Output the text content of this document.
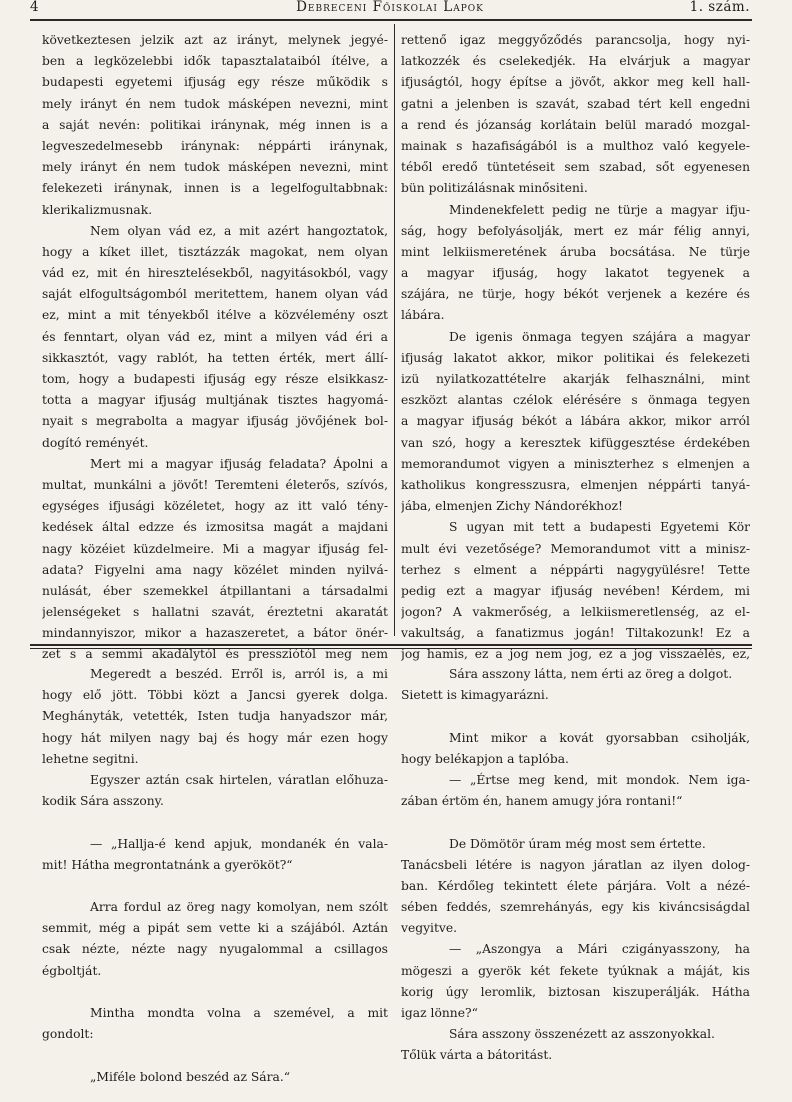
4	Debreceni Főiskolai Lapok	1. szám.
következtesen jelzik azt az irányt, melynek jegyé-
ben a legközelebbi idők tapasztalataiból ítélve, a
budapesti egyetemi ifjuság egy része működik s
mely irányt én nem tudok másképen nevezni, mint
a saját nevén: politikai iránynak, még innen is a
legveszedelmesebb iránynak: néppárti iránynak,
mely irányt én nem tudok másképen nevezni, mint
felekezeti iránynak, innen is a legelfogultabbnak:
klerikalizmusnak.
Nem olyan vád ez, a mit azért hangoztatok,
hogy a kíket illet, tisztázzák magokat, nem olyan
vád ez, mit én hiresztelésekből, nagyitásokból, vagy
saját elfogultságomból meritettem, hanem olyan vád
ez, mint a mit tényekből itélve a közvélemény oszt
és fenntart, olyan vád ez, mint a milyen vád éri a
sikkasztót, vagy rablót, ha tetten érték, mert állí-
tom, hogy a budapesti ifjuság egy része elsikkasz-
totta a magyar ifjuság multjának tisztes hagyomá-
nyait s megrabolta a magyar ifjuság jövőjének bol-
dogító reményét.
Mert mi a magyar ifjuság feladata? Ápolni a
multat, munkálni a jövőt! Teremteni életerős, szívós,
egységes ifjusági közéletet, hogy az itt való tény-
kedések által edzze és izmositsa magát a majdani
nagy közéiet küzdelmeire. Mi a magyar ifjuság fel-
adata? Figyelni ama nagy közélet minden nyilvá-
nulását, éber szemekkel átpillantani a társadalmi
jelenségeket s hallatni szavát, éreztetni akaratát
mindannyiszor, mikor a hazaszeretet, a bátor önér-
zet s a semmi akadálytól és pressziótól meg nem
rettenő igaz meggyőződés parancsolja, hogy nyi-
latkozzék és cselekedjék. Ha elvárjuk a magyar
ifjuságtól, hogy építse a jövőt, akkor meg kell hall-
gatni a jelenben is szavát, szabad tért kell engedni
a rend és józanság korlátain belül maradó mozgal-
mainak s hazafiságából is a multhoz való kegyele-
téből eredő tüntetéseit sem szabad, sőt egyenesen
bün politizálásnak minősiteni.
Mindenekfelett pedig ne türje a magyar ifju-
ság, hogy befolyásolják, mert ez már félig annyi,
mint lelkiismeretének áruba bocsátása. Ne türje
a magyar ifjuság, hogy lakatot tegyenek a
szájára, ne türje, hogy békót verjenek a kezére és
lábára.
De igenis önmaga tegyen szájára a magyar
ifjuság lakatot akkor, mikor politikai és felekezeti
izü nyilatkozattételre akarják felhasználni, mint
eszközt alantas czélok elérésére s önmaga tegyen
a magyar ifjuság békót a lábára akkor, mikor arról
van szó, hogy a keresztek kifüggesztése érdekében
memorandumot vigyen a miniszterhez s elmenjen a
katholikus kongresszusra, elmenjen néppárti tanyá-
jába, elmenjen Zichy Nándorékhoz!
S ugyan mit tett a budapesti Egyetemi Kör
mult évi vezetősége? Memorandumot vitt a minisz-
terhez s elment a néppárti nagygyülésre! Tette
pedig ezt a magyar ifjuság nevében! Kérdem, mi
jogon? A vakmerőség, a lelkiismeretlenség, az el-
vakultság, a fanatizmus jogán! Tiltakozunk! Ez a
jog hamis, ez a jog nem jog, ez a jog visszaélés, ez,
Megeredt a beszéd. Erről is, arról is, a mi
hogy elő jött. Többi közt a Jancsi gyerek dolga.
Meghányták, vetették, Isten tudja hanyadszor már,
hogy hát milyen nagy baj és hogy már ezen hogy
lehetne segitni.
Egyszer aztán csak hirtelen, váratlan előhuza-
kodik Sára asszony.
— „Hallja-é kend apjuk, mondanék én vala-
mit! Hátha megrontatnánk a gyerököt?“
Arra fordul az öreg nagy komolyan, nem szólt
semmit, még a pipát sem vette ki a szájából. Aztán
csak nézte, nézte nagy nyugalommal a csillagos
égboltját.
Mintha mondta volna a szemével, a mit
gondolt:
„Miféle bolond beszéd az Sára.“
Sára asszony látta, nem érti az öreg a dolgot.
Sietett is kimagyarázni.
Mint mikor a kovát gyorsabban csiholják,
hogy belékapjon a taplóba.
— „Értse meg kend, mit mondok. Nem iga-
zában értöm én, hanem amugy jóra rontani!“
De Dömötör úram még most sem értette.
Tanácsbeli létére is nagyon járatlan az ilyen dolog-
ban. Kérdőleg tekintett élete párjára. Volt a nézé-
sében feddés, szemrehányás, egy kis kiváncsiságdal
vegyitve.
— „Aszongya a Mári czigányasszony, ha
mögeszi a gyerök két fekete tyúknak a máját, kis
korig úgy leromlik, biztosan kiszuperálják. Hátha
igaz lönne?“
Sára asszony összenézett az asszonyokkal.
Tőlük várta a bátoritást.
